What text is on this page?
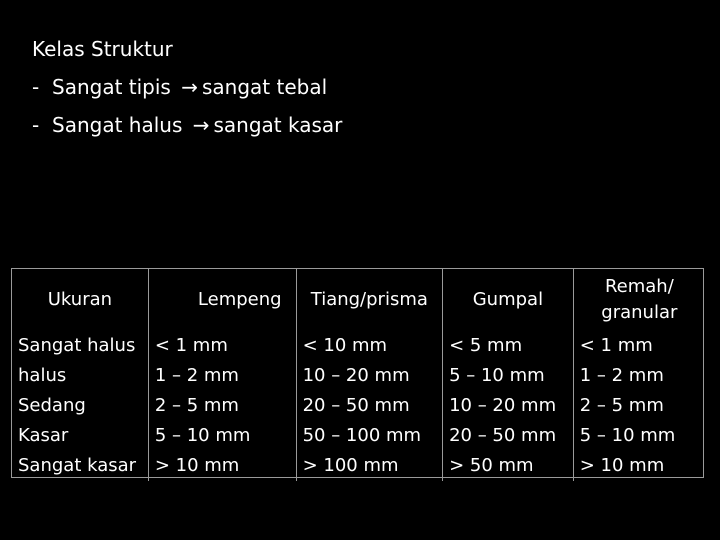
Kelas Struktur
- Sangat tipis → sangat tebal
- Sangat halus → sangat kasar
Ukuran	Lempeng	Tiang/prisma	Gumpal	Remah/ granular
Sangat halus	< 1 mm	< 10 mm	< 5 mm	< 1 mm
halus	1 – 2 mm	10 – 20 mm	5 – 10 mm	1 – 2 mm
Sedang	2 – 5 mm	20 – 50 mm	10 – 20 mm	2 – 5 mm
Kasar	5 – 10 mm	50 – 100 mm	20 – 50 mm	5 – 10 mm
Sangat kasar	> 10 mm	> 100 mm	> 50 mm	> 10 mm
